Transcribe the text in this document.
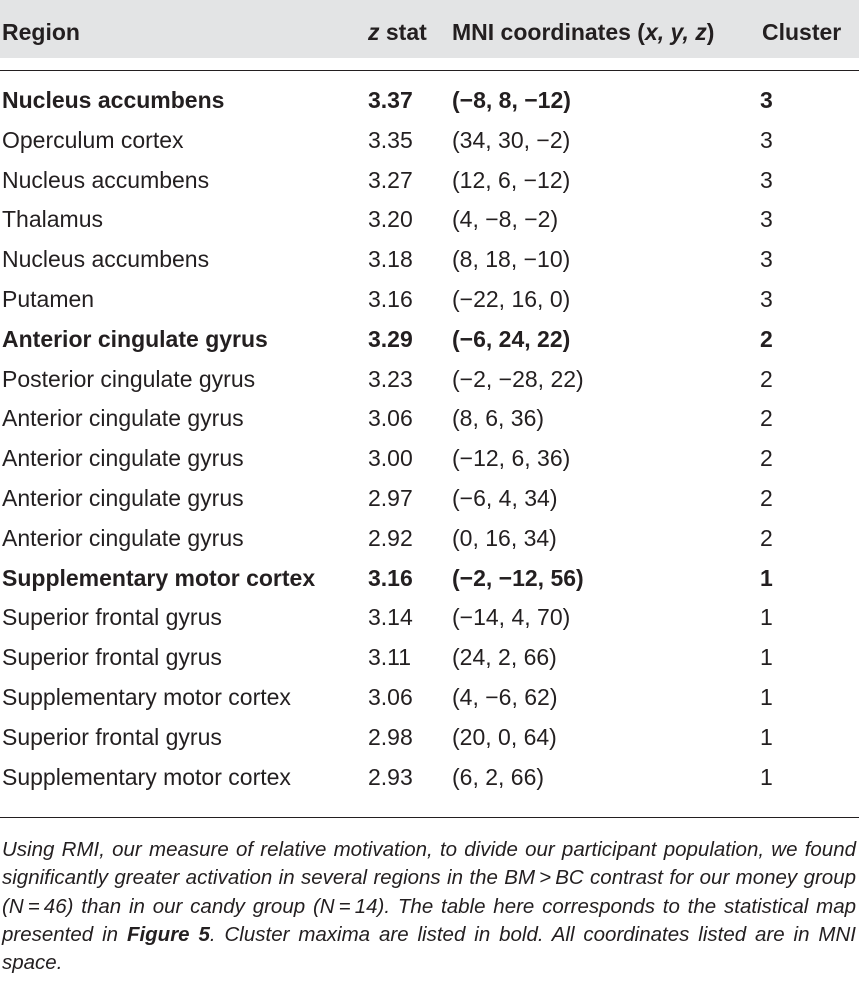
Region	z stat MNI coordinates (x, y, z) Cluster
Nucleus accumbens	3.37 (−8, 8, −12)	3
Operculum cortex	3.35 (34, 30, −2)	3
Nucleus accumbens	3.27 (12, 6, −12)	3
Thalamus	3.20 (4, −8, −2)	3
Nucleus accumbens	3.18 (8, 18, −10)	3
Putamen	3.16 (−22, 16, 0)	3
Anterior cingulate gyrus	3.29 (−6, 24, 22)	2
Posterior cingulate gyrus	3.23 (−2, −28, 22)	2
Anterior cingulate gyrus	3.06 (8, 6, 36)	2
Anterior cingulate gyrus	3.00 (−12, 6, 36)	2
Anterior cingulate gyrus	2.97 (−6, 4, 34)	2
Anterior cingulate gyrus	2.92 (0, 16, 34)	2
Supplementary motor cortex 3.16 (−2, −12, 56)	1
Superior frontal gyrus	3.14 (−14, 4, 70)	1
Superior frontal gyrus	3.11 (24, 2, 66)	1
Supplementary motor cortex	3.06 (4, −6, 62)	1
Superior frontal gyrus	2.98 (20, 0, 64)	1
Supplementary motor cortex	2.93 (6, 2, 66)	1
Using RMI, our measure of relative motivation, to divide our participant population, we found significantly greater activation in several regions in the BM > BC contrast for our money group (N = 46) than in our candy group (N = 14). The table here corresponds to the statistical map presented in Figure 5. Cluster maxima are listed in bold. All coordinates listed are in MNI space.
